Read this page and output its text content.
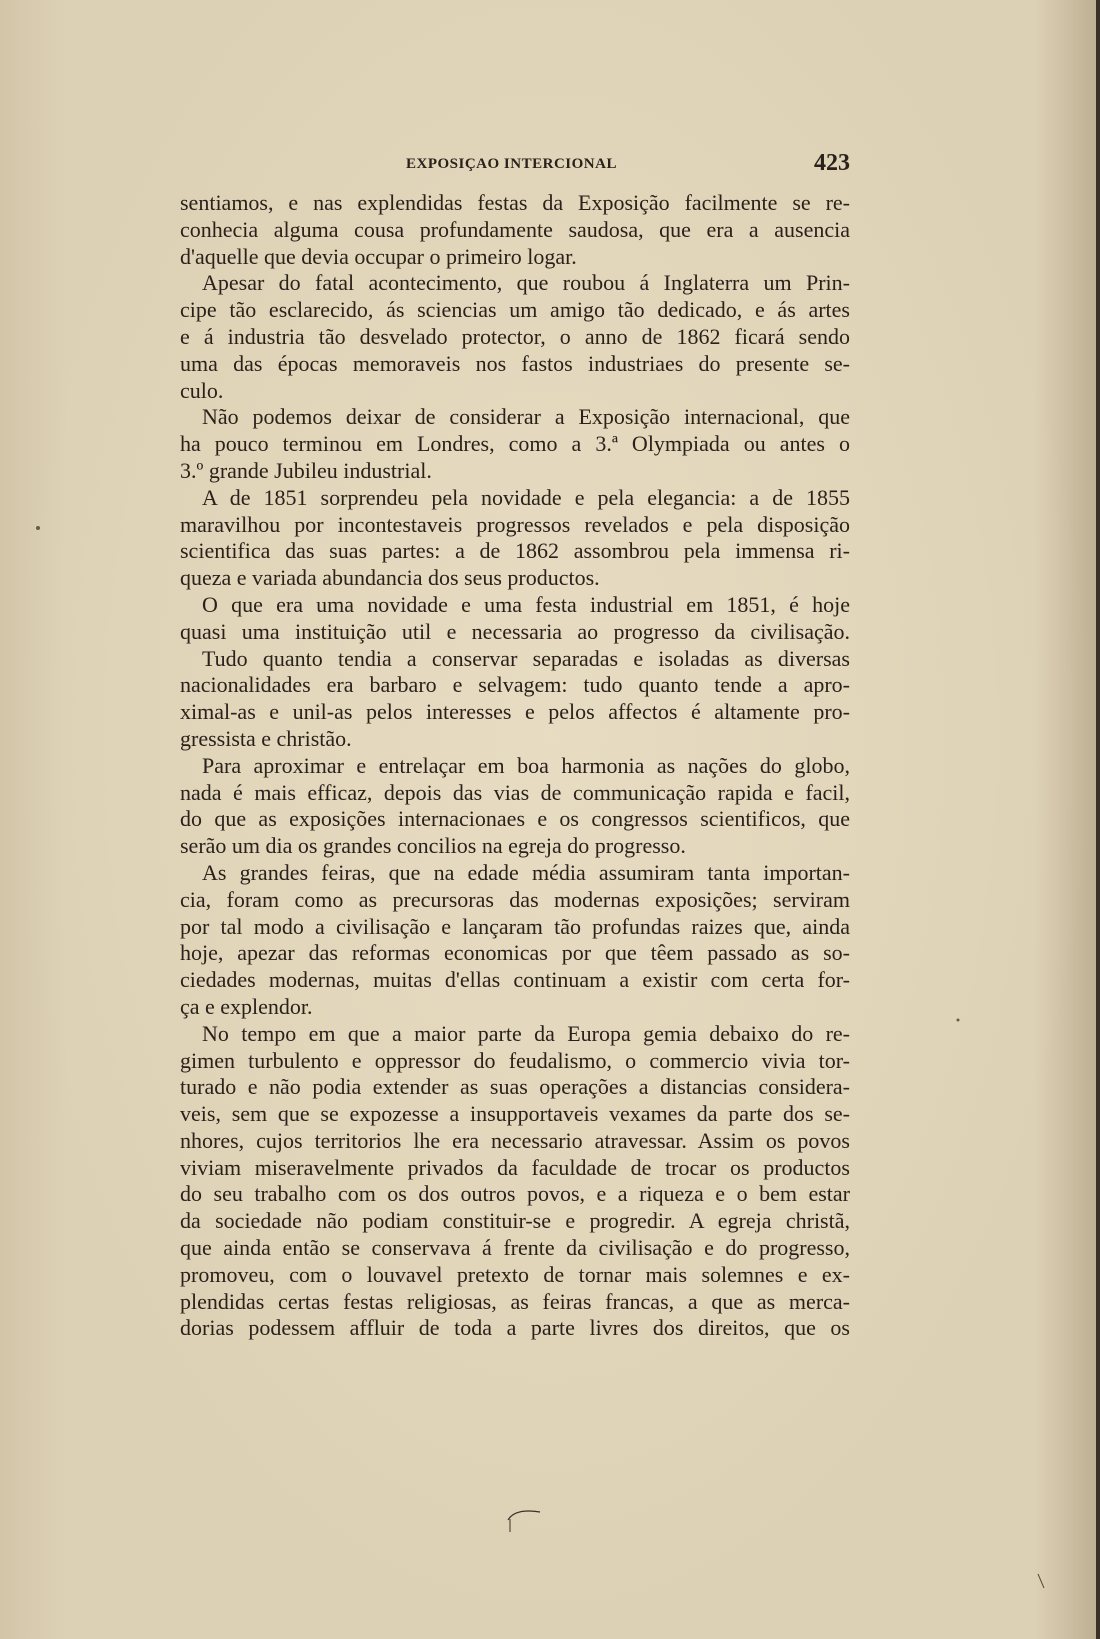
EXPOSIÇAO INTERCIONAL	423
sentiamos, e nas explendidas festas da Exposição facilmente se re-
conhecia alguma cousa profundamente saudosa, que era a ausencia
d'aquelle que devia occupar o primeiro logar.
Apesar do fatal acontecimento, que roubou á Inglaterra um Prin-
cipe tão esclarecido, ás sciencias um amigo tão dedicado, e ás artes
e á industria tão desvelado protector, o anno de 1862 ficará sendo
uma das épocas memoraveis nos fastos industriaes do presente se-
culo.
Não podemos deixar de considerar a Exposição internacional, que
ha pouco terminou em Londres, como a 3.ª Olympiada ou antes o
3.º grande Jubileu industrial.
A de 1851 sorprendeu pela novidade e pela elegancia: a de 1855
maravilhou por incontestaveis progressos revelados e pela disposição
scientifica das suas partes: a de 1862 assombrou pela immensa ri-
queza e variada abundancia dos seus productos.
O que era uma novidade e uma festa industrial em 1851, é hoje
quasi uma instituição util e necessaria ao progresso da civilisação.
Tudo quanto tendia a conservar separadas e isoladas as diversas
nacionalidades era barbaro e selvagem: tudo quanto tende a apro-
ximal-as e unil-as pelos interesses e pelos affectos é altamente pro-
gressista e christão.
Para aproximar e entrelaçar em boa harmonia as nações do globo,
nada é mais efficaz, depois das vias de communicação rapida e facil,
do que as exposições internacionaes e os congressos scientificos, que
serão um dia os grandes concilios na egreja do progresso.
As grandes feiras, que na edade média assumiram tanta importan-
cia, foram como as precursoras das modernas exposições; serviram
por tal modo a civilisação e lançaram tão profundas raizes que, ainda
hoje, apezar das reformas economicas por que têem passado as so-
ciedades modernas, muitas d'ellas continuam a existir com certa for-
ça e explendor.
No tempo em que a maior parte da Europa gemia debaixo do re-
gimen turbulento e oppressor do feudalismo, o commercio vivia tor-
turado e não podia extender as suas operações a distancias considera-
veis, sem que se expozesse a insupportaveis vexames da parte dos se-
nhores, cujos territorios lhe era necessario atravessar. Assim os povos
viviam miseravelmente privados da faculdade de trocar os productos
do seu trabalho com os dos outros povos, e a riqueza e o bem estar
da sociedade não podiam constituir-se e progredir. A egreja christã,
que ainda então se conservava á frente da civilisação e do progresso,
promoveu, com o louvavel pretexto de tornar mais solemnes e ex-
plendidas certas festas religiosas, as feiras francas, a que as merca-
dorias podessem affluir de toda a parte livres dos direitos, que os
